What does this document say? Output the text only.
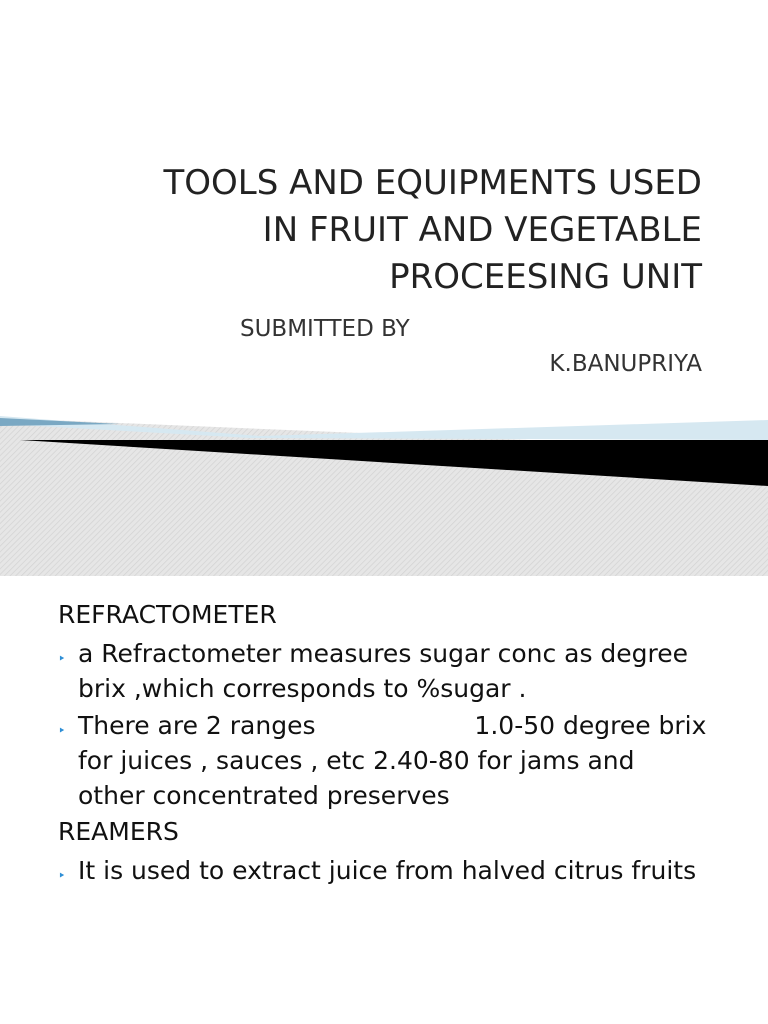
TOOLS AND EQUIPMENTS USED
IN FRUIT AND VEGETABLE
PROCEESING UNIT
SUBMITTED BY
K.BANUPRIYA
REFRACTOMETER
‣ a Refractometer measures sugar conc as degree brix ,which corresponds to %sugar .
‣ There are 2 ranges                    1.0-50 degree brix for juices , sauces , etc 2.40-80 for jams and other concentrated preserves
REAMERS
‣ It is used to extract juice from halved citrus fruits
